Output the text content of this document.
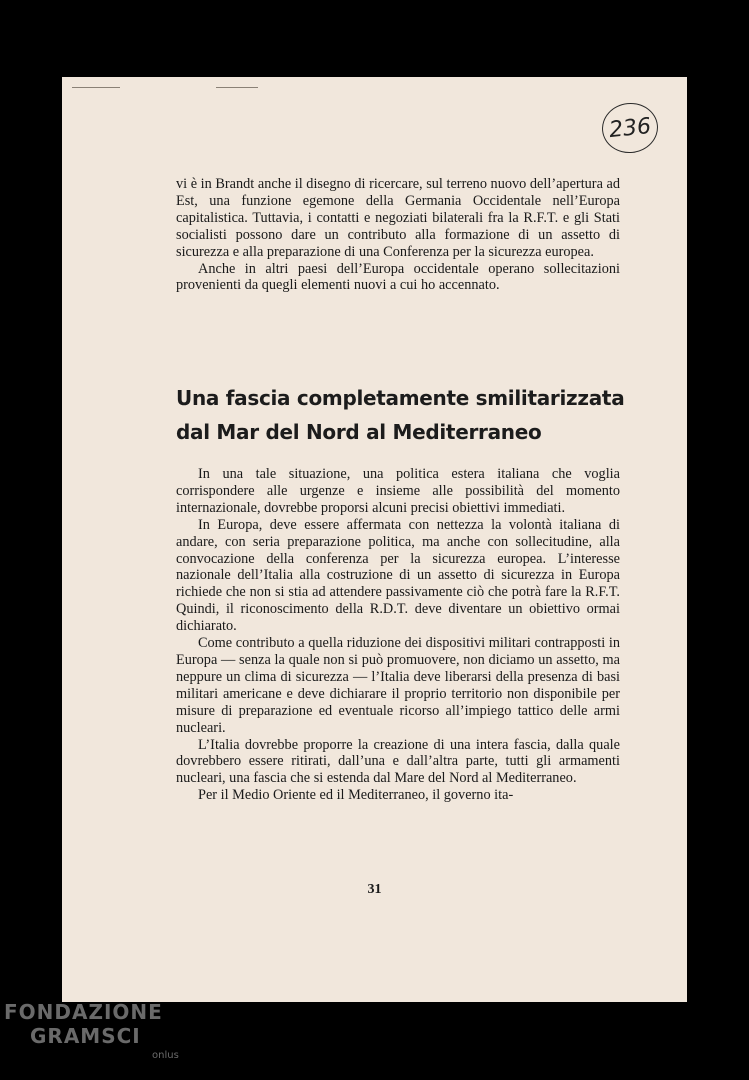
236

vi è in Brandt anche il disegno di ricercare, sul terreno nuovo dell’apertura ad Est, una funzione egemone della Germania Occidentale nell’Europa capitalistica. Tuttavia, i contatti e negoziati bilaterali fra la R.F.T. e gli Stati socialisti possono dare un contributo alla formazione di un assetto di sicurezza e alla preparazione di una Conferenza per la sicurezza europea.

Anche in altri paesi dell’Europa occidentale operano sollecitazioni provenienti da quegli elementi nuovi a cui ho accennato.

Una fascia completamente smilitarizzata
dal Mar del Nord al Mediterraneo

In una tale situazione, una politica estera italiana che voglia corrispondere alle urgenze e insieme alle possibilità del momento internazionale, dovrebbe proporsi alcuni precisi obiettivi immediati.

In Europa, deve essere affermata con nettezza la volontà italiana di andare, con seria preparazione politica, ma anche con sollecitudine, alla convocazione della conferenza per la sicurezza europea. L’interesse nazionale dell’Italia alla costruzione di un assetto di sicurezza in Europa richiede che non si stia ad attendere passivamente ciò che potrà fare la R.F.T. Quindi, il riconoscimento della R.D.T. deve diventare un obiettivo ormai dichiarato.

Come contributo a quella riduzione dei dispositivi militari contrapposti in Europa — senza la quale non si può promuovere, non diciamo un assetto, ma neppure un clima di sicurezza — l’Italia deve liberarsi della presenza di basi militari americane e deve dichiarare il proprio territorio non disponibile per misure di preparazione ed eventuale ricorso all’impiego tattico delle armi nucleari.

L’Italia dovrebbe proporre la creazione di una intera fascia, dalla quale dovrebbero essere ritirati, dall’una e dall’altra parte, tutti gli armamenti nucleari, una fascia che si estenda dal Mare del Nord al Mediterraneo.

Per il Medio Oriente ed il Mediterraneo, il governo ita-

31
FONDAZIONE
GRAMSCI
onlus
